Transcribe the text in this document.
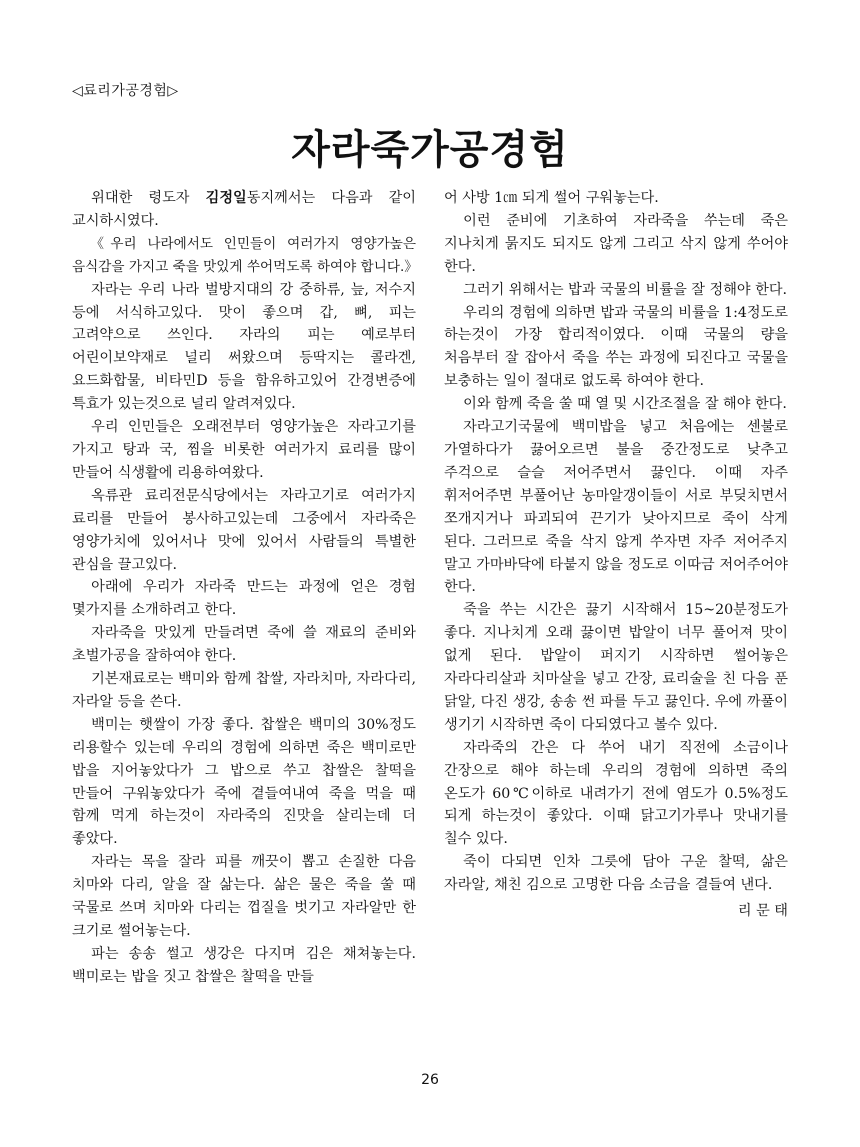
◁료리가공경험▷
자라죽가공경험

위대한 령도자 김정일동지께서는 다음과 같이 교시하시였다.

《우리 나라에서도 인민들이 여러가지 영양가높은 음식감을 가지고 죽을 맛있게 쑤어먹도록 하여야 합니다.》

자라는 우리 나라 벌방지대의 강 중하류, 늪, 저수지 등에 서식하고있다. 맛이 좋으며 갑, 뼈, 피는 고려약으로 쓰인다. 자라의 피는 예로부터 어린이보약재로 널리 써왔으며 등딱지는 콜라겐, 요드화합물, 비타민D 등을 함유하고있어 간경변증에 특효가 있는것으로 널리 알려져있다.

우리 인민들은 오래전부터 영양가높은 자라고기를 가지고 탕과 국, 찜을 비롯한 여러가지 료리를 많이 만들어 식생활에 리용하여왔다.

옥류관 료리전문식당에서는 자라고기로 여러가지 료리를 만들어 봉사하고있는데 그중에서 자라죽은 영양가치에 있어서나 맛에 있어서 사람들의 특별한 관심을 끌고있다.

아래에 우리가 자라죽 만드는 과정에 얻은 경험 몇가지를 소개하려고 한다.

자라죽을 맛있게 만들려면 죽에 쓸 재료의 준비와 초벌가공을 잘하여야 한다.

기본재료로는 백미와 함께 찹쌀, 자라치마, 자라다리, 자라알 등을 쓴다.

백미는 햇쌀이 가장 좋다. 찹쌀은 백미의 30%정도 리용할수 있는데 우리의 경험에 의하면 죽은 백미로만 밥을 지어놓았다가 그 밥으로 쑤고 찹쌀은 찰떡을 만들어 구워놓았다가 죽에 곁들여내여 죽을 먹을 때 함께 먹게 하는것이 자라죽의 진맛을 살리는데 더 좋았다.

자라는 목을 잘라 피를 깨끗이 뽑고 손질한 다음 치마와 다리, 알을 잘 삶는다. 삶은 물은 죽을 쑬 때 국물로 쓰며 치마와 다리는 껍질을 벗기고 자라알만 한 크기로 썰어놓는다.

파는 송송 썰고 생강은 다지며 김은 채쳐놓는다. 백미로는 밥을 짓고 찹쌀은 찰떡을 만들

어 사방 1㎝ 되게 썰어 구워놓는다.

이런 준비에 기초하여 자라죽을 쑤는데 죽은 지나치게 묽지도 되지도 않게 그리고 삭지 않게 쑤어야 한다.

그러기 위해서는 밥과 국물의 비률을 잘 정해야 한다.

우리의 경험에 의하면 밥과 국물의 비률을 1:4정도로 하는것이 가장 합리적이였다. 이때 국물의 량을 처음부터 잘 잡아서 죽을 쑤는 과정에 되진다고 국물을 보충하는 일이 절대로 없도록 하여야 한다.

이와 함께 죽을 쑬 때 열 및 시간조절을 잘 해야 한다.

자라고기국물에 백미밥을 넣고 처음에는 센불로 가열하다가 끓어오르면 불을 중간정도로 낮추고 주걱으로 슬슬 저어주면서 끓인다. 이때 자주 휘저어주면 부풀어난 농마알갱이들이 서로 부딪치면서 쪼개지거나 파괴되여 끈기가 낮아지므로 죽이 삭게 된다. 그러므로 죽을 삭지 않게 쑤자면 자주 저어주지 말고 가마바닥에 타붙지 않을 정도로 이따금 저어주어야 한다.

죽을 쑤는 시간은 끓기 시작해서 15~20분정도가 좋다. 지나치게 오래 끓이면 밥알이 너무 풀어져 맛이 없게 된다. 밥알이 퍼지기 시작하면 썰어놓은 자라다리살과 치마살을 넣고 간장, 료리술을 친 다음 푼 닭알, 다진 생강, 송송 썬 파를 두고 끓인다. 우에 까풀이 생기기 시작하면 죽이 다되였다고 볼수 있다.

자라죽의 간은 다 쑤어 내기 직전에 소금이나 간장으로 해야 하는데 우리의 경험에 의하면 죽의 온도가 60℃이하로 내려가기 전에 염도가 0.5%정도 되게 하는것이 좋았다. 이때 닭고기가루나 맛내기를 칠수 있다.

죽이 다되면 인차 그릇에 담아 구운 찰떡, 삶은 자라알, 채친 김으로 고명한 다음 소금을 결들여 낸다.

리 문 태

26
